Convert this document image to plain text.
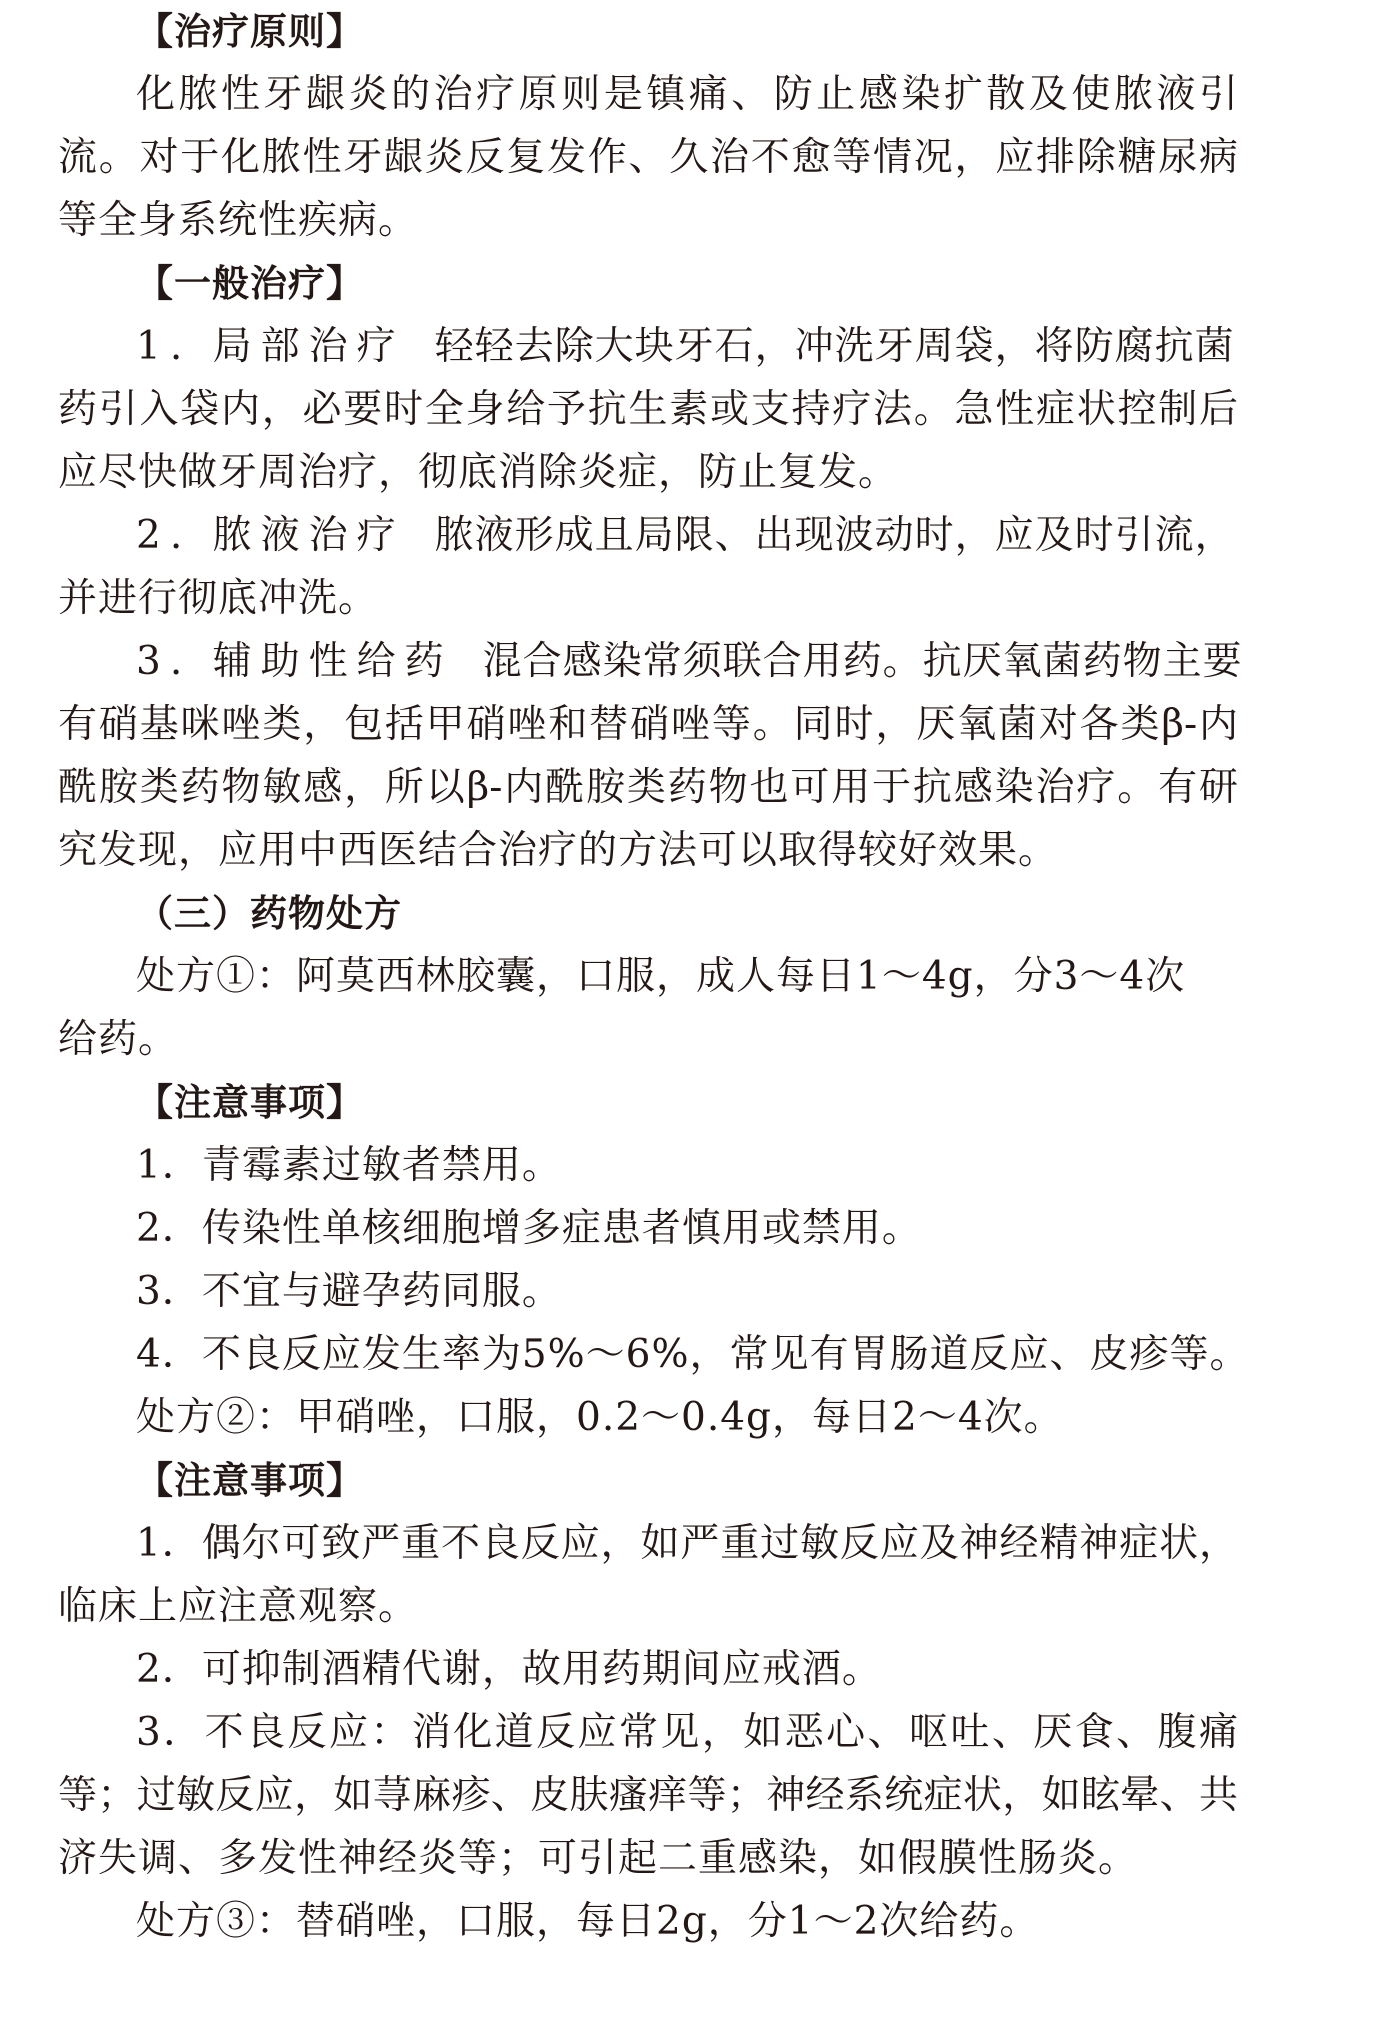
【治疗原则】
化脓性牙龈炎的治疗原则是镇痛、防止感染扩散及使脓液引
流。对于化脓性牙龈炎反复发作、久治不愈等情况，应排除糖尿病
等全身系统性疾病。
【一般治疗】
1. 局部治疗 轻轻去除大块牙石，冲洗牙周袋，将防腐抗菌
药引入袋内，必要时全身给予抗生素或支持疗法。急性症状控制后
应尽快做牙周治疗，彻底消除炎症，防止复发。
2. 脓液治疗 脓液形成且局限、出现波动时，应及时引流，
并进行彻底冲洗。
3. 辅助性给药 混合感染常须联合用药。抗厌氧菌药物主要
有硝基咪唑类，包括甲硝唑和替硝唑等。同时，厌氧菌对各类β-内
酰胺类药物敏感，所以β-内酰胺类药物也可用于抗感染治疗。有研
究发现，应用中西医结合治疗的方法可以取得较好效果。
（三）药物处方
处方①：阿莫西林胶囊，口服，成人每日1～4g，分3～4次
给药。
【注意事项】
1．青霉素过敏者禁用。
2．传染性单核细胞增多症患者慎用或禁用。
3．不宜与避孕药同服。
4．不良反应发生率为5%～6%，常见有胃肠道反应、皮疹等。
处方②：甲硝唑，口服，0.2～0.4g，每日2～4次。
【注意事项】
1．偶尔可致严重不良反应，如严重过敏反应及神经精神症状，
临床上应注意观察。
2．可抑制酒精代谢，故用药期间应戒酒。
3．不良反应：消化道反应常见，如恶心、呕吐、厌食、腹痛
等；过敏反应，如荨麻疹、皮肤瘙痒等；神经系统症状，如眩晕、共
济失调、多发性神经炎等；可引起二重感染，如假膜性肠炎。
处方③：替硝唑，口服，每日2g，分1～2次给药。
